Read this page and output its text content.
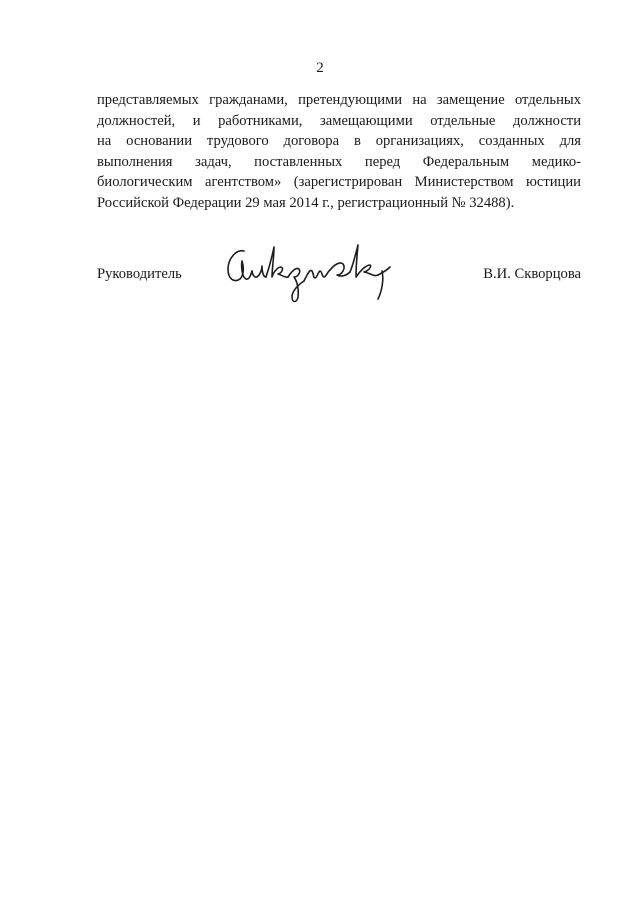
2
представляемых гражданами, претендующими на замещение отдельных
должностей, и работниками, замещающими отдельные должности
на основании трудового договора в организациях, созданных для
выполнения задач, поставленных перед Федеральным медико-
биологическим агентством» (зарегистрирован Министерством юстиции
Российской Федерации 29 мая 2014 г., регистрационный № 32488).
Руководитель	В.И. Скворцова
